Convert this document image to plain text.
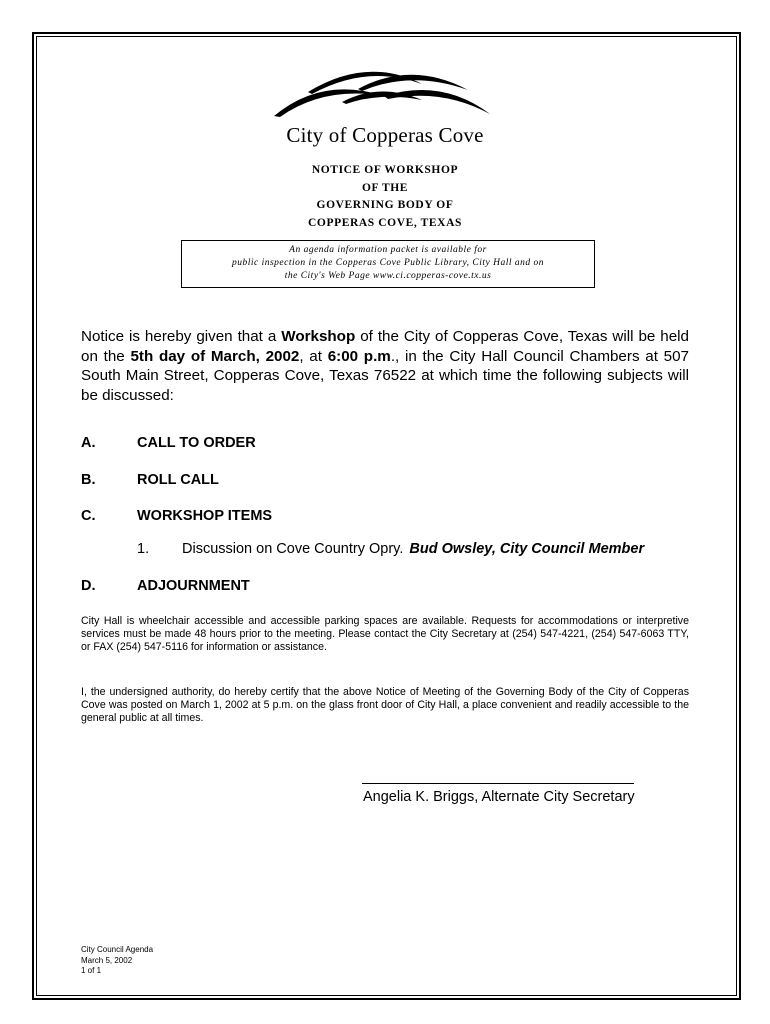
City of Copperas Cove
NOTICE OF WORKSHOP
OF THE
GOVERNING BODY OF
COPPERAS COVE, TEXAS
An agenda information packet is available for
public inspection in the Copperas Cove Public Library, City Hall and on
the City's Web Page www.ci.copperas-cove.tx.us
Notice is hereby given that a Workshop of the City of Copperas Cove, Texas will be held on the 5th day of March, 2002, at 6:00 p.m., in the City Hall Council Chambers at 507 South Main Street, Copperas Cove, Texas 76522 at which time the following subjects will be discussed:
A.	CALL TO ORDER
B.	ROLL CALL
C.	WORKSHOP ITEMS
1. Discussion on Cove Country Opry. Bud Owsley, City Council Member
D.	ADJOURNMENT
City Hall is wheelchair accessible and accessible parking spaces are available. Requests for accommodations or interpretive services must be made 48 hours prior to the meeting. Please contact the City Secretary at (254) 547-4221, (254) 547-6063 TTY, or FAX (254) 547-5116 for information or assistance.
I, the undersigned authority, do hereby certify that the above Notice of Meeting of the Governing Body of the City of Copperas Cove was posted on March 1, 2002 at 5 p.m. on the glass front door of City Hall, a place convenient and readily accessible to the general public at all times.
Angelia K. Briggs, Alternate City Secretary
City Council Agenda
March 5, 2002
1 of 1
